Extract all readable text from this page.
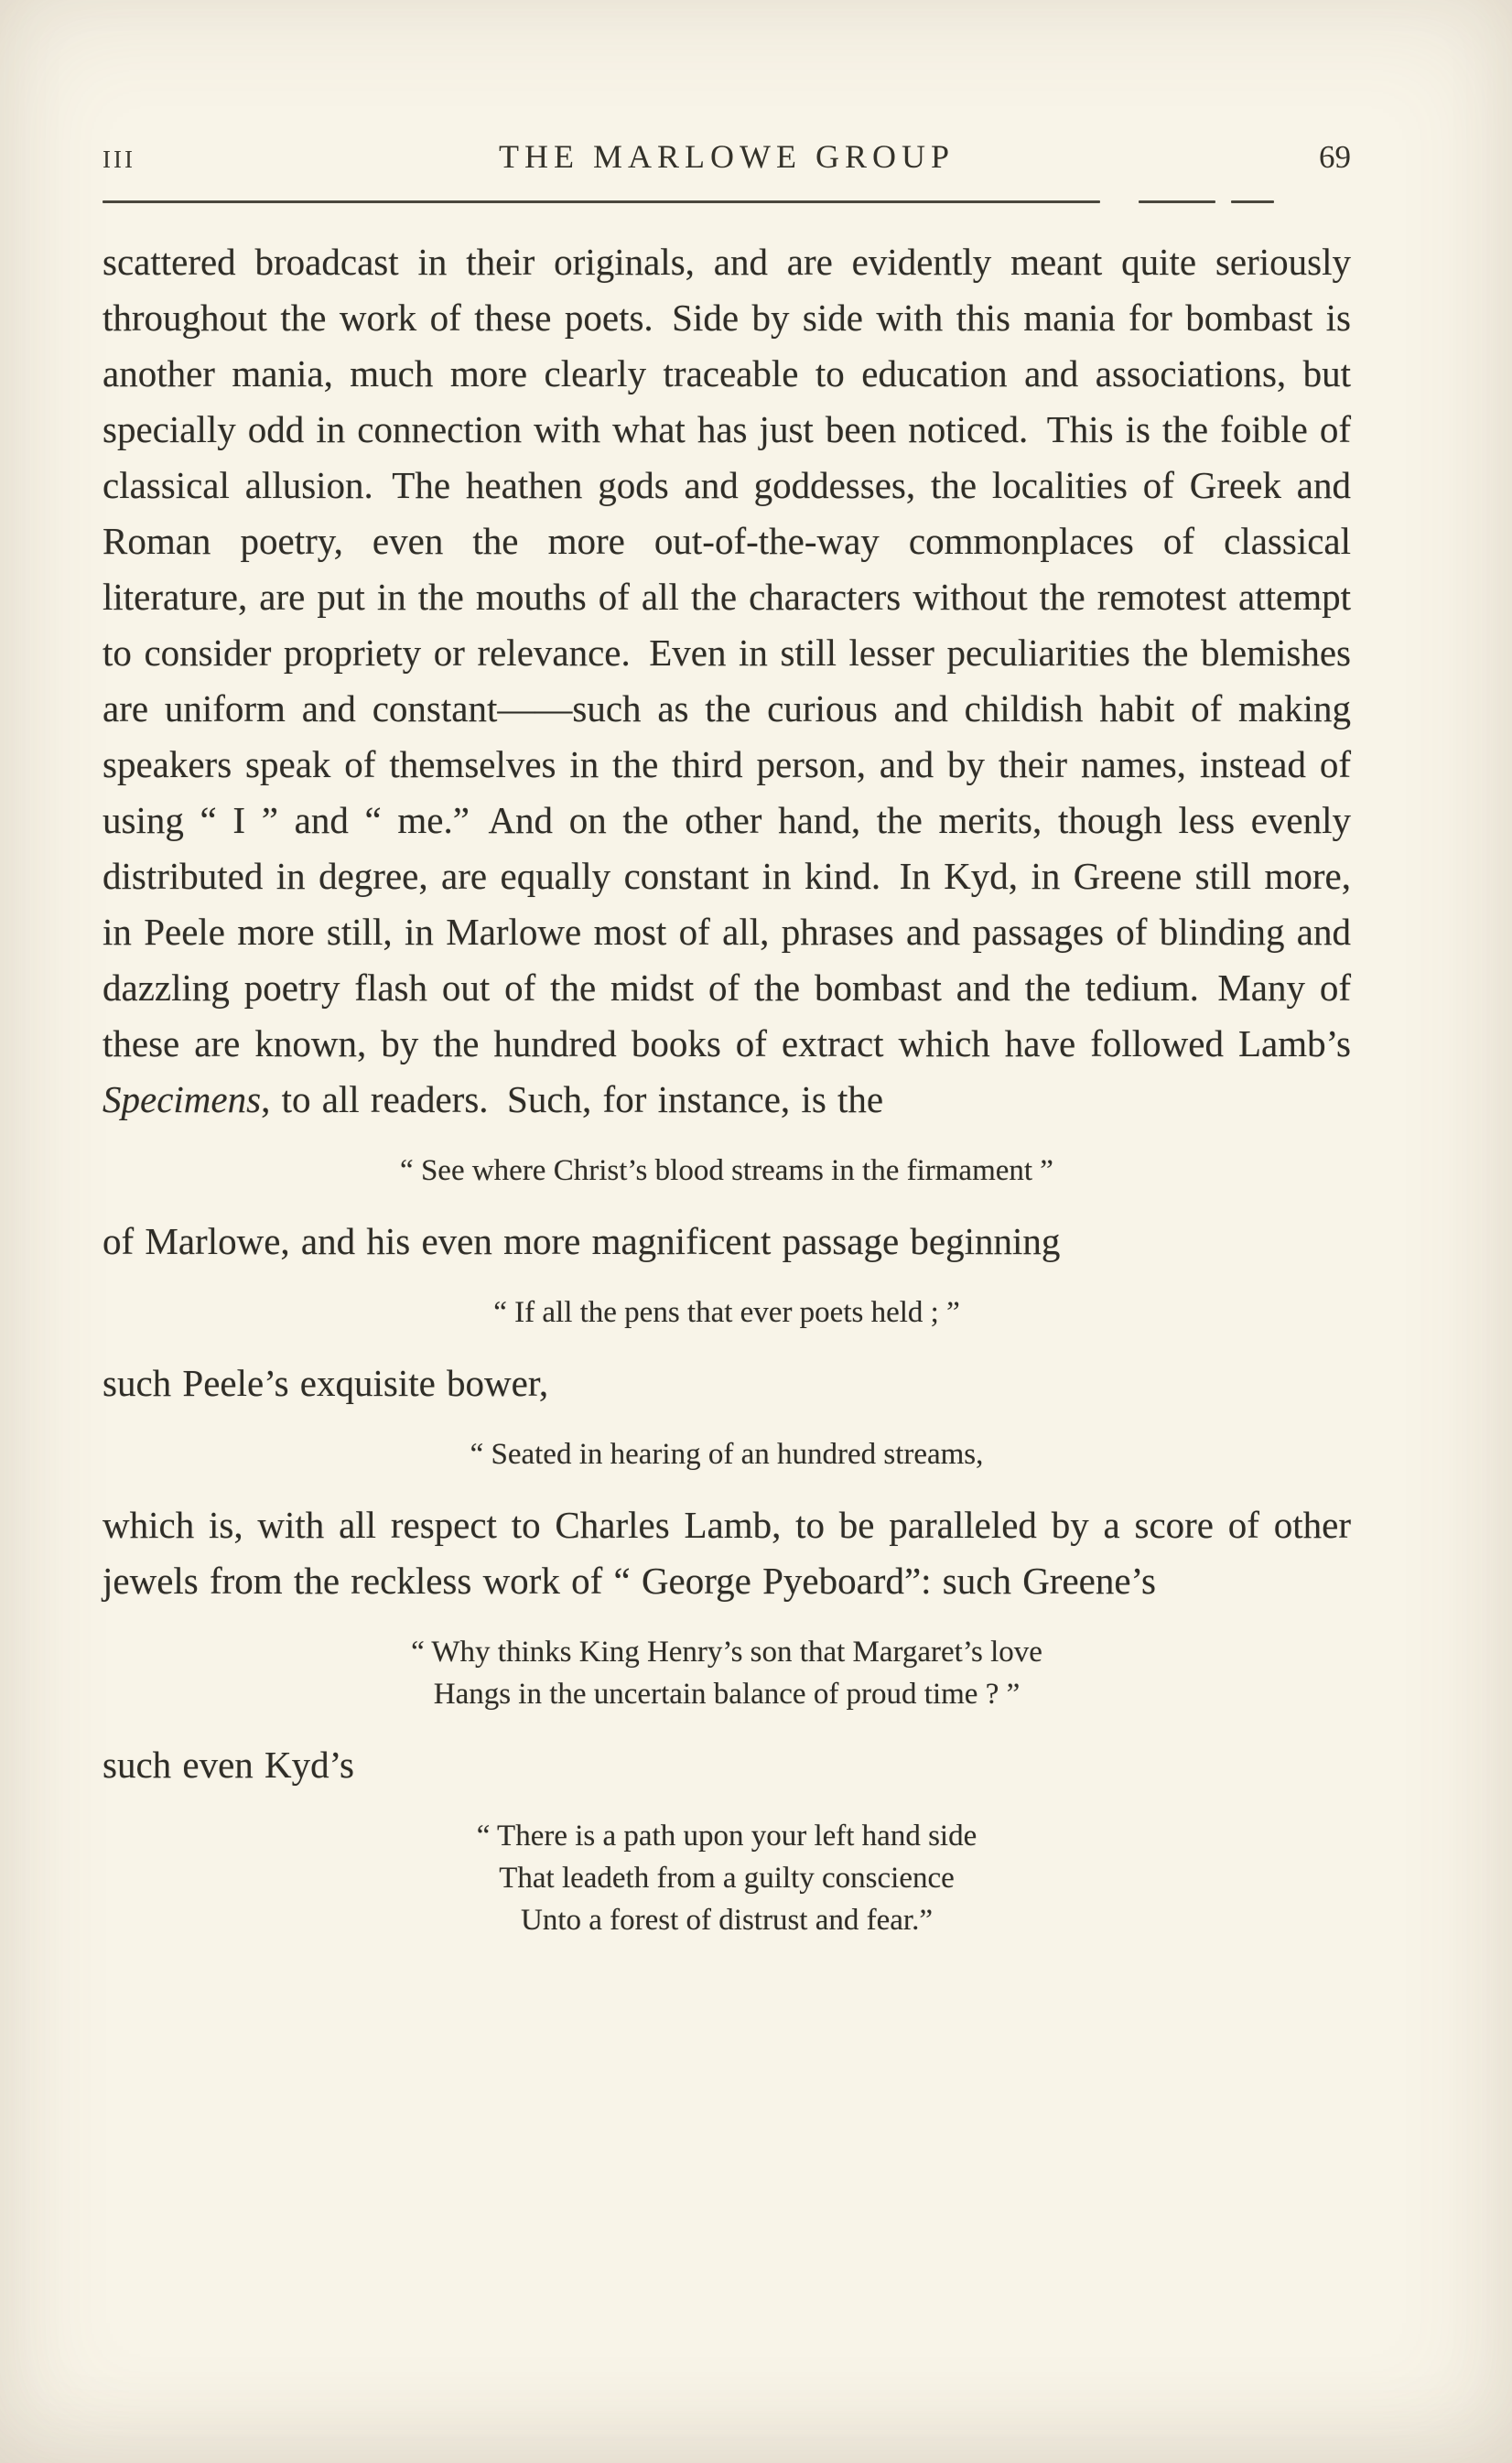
III	THE MARLOWE GROUP	69

scattered broadcast in their originals, and are evidently meant quite seriously throughout the work of these poets. Side by side with this mania for bombast is another mania, much more clearly traceable to education and associations, but specially odd in connection with what has just been noticed. This is the foible of classical allusion. The heathen gods and goddesses, the localities of Greek and Roman poetry, even the more out-of-the-way commonplaces of classical literature, are put in the mouths of all the characters without the remotest attempt to consider propriety or relevance. Even in still lesser peculiarities the blemishes are uniform and constant——such as the curious and childish habit of making speakers speak of themselves in the third person, and by their names, instead of using “ I ” and “ me.” And on the other hand, the merits, though less evenly distributed in degree, are equally constant in kind. In Kyd, in Greene still more, in Peele more still, in Marlowe most of all, phrases and passages of blinding and dazzling poetry flash out of the midst of the bombast and the tedium. Many of these are known, by the hundred books of extract which have followed Lamb’s Specimens, to all readers. Such, for instance, is the

“ See where Christ’s blood streams in the firmament ”

of Marlowe, and his even more magnificent passage beginning

“ If all the pens that ever poets held ; ”

such Peele’s exquisite bower,

“ Seated in hearing of an hundred streams,

which is, with all respect to Charles Lamb, to be paralleled by a score of other jewels from the reckless work of “ George Pyeboard”: such Greene’s

“ Why thinks King Henry’s son that Margaret’s love
Hangs in the uncertain balance of proud time ? ”

such even Kyd’s

“ There is a path upon your left hand side
That leadeth from a guilty conscience
Unto a forest of distrust and fear.”
